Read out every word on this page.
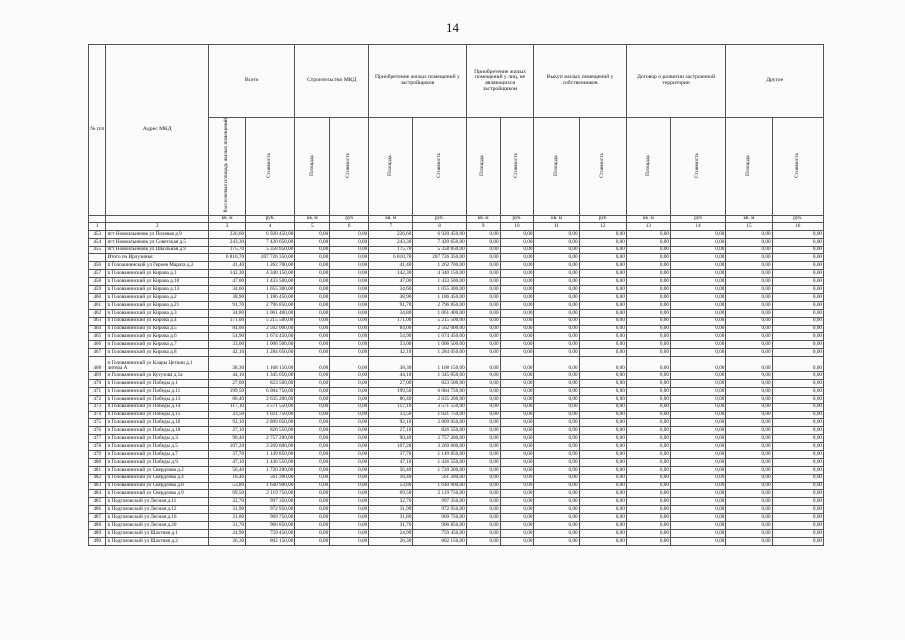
14
№ п/п	Адрес МКД	Всего		Строительство МКД		Приобретение жилых помещений у застройщиков		Приобретение жилых помещений у лиц, не являющихся застройщиком		Выкуп жилых помещений у собственников		Договор о развитии застроенной территории		Другое	
		Расселяемая площадь жилых помещений	Стоимость	Площадь	Стоимость	Площадь	Стоимость	Площадь	Стоимость	Площадь	Стоимость	Площадь	Стоимость	Площадь	Стоимость
		кв. м	руб.	кв. м	руб	кв. м	руб.	кв. м	руб.	кв. м	руб	кв. м	руб	кв. м	руб.
1	2	3	4	5	6	7	8	9	10	11	12	13	14	15	16
453	пгт Новоильиновк ул Полевая д.9	226,60	6 920 450,00	0,00	0,00	226,60	6 920 450,00	0,00	0,00	0,00	0,00	0,00	0,00	0,00	0,00
454	пгт Новоильиновк ул Советская д.5	243,30	7 420 650,00	0,00	0,00	243,30	7 420 650,00	0,00	0,00	0,00	0,00	0,00	0,00	0,00	0,00
455	пгт Новоильиновк ул Школьная д.9	175,70	5 358 850,00	0,00	0,00	175,70	5 358 850,00	0,00	0,00	0,00	0,00	0,00	0,00	0,00	0,00
	Итого по Ирлузинке:	6 810,70	207 726 350,00	0,00	0,00	6 810,70	207 726 350,00	0,00	0,00	0,00	0,00	0,00	0,00	0,00	0,00
456	п Голоаниинский ул Героев Марата д.2	41,40	1 262 700,00	0,00	0,00	41,40	1 262 700,00	0,00	0,00	0,00	0,00	0,00	0,00	0,00	0,00
457	п Голованинский ул Кирова д.1	142,30	4 340 150,00	0,00	0,00	142,30	4 340 150,00	0,00	0,00	0,00	0,00	0,00	0,00	0,00	0,00
458	п Голованинский ул Кирова д.10	47,00	1 433 500,00	0,00	0,00	47,00	1 433 500,00	0,00	0,00	0,00	0,00	0,00	0,00	0,00	0,00
459	п Голованинский ул Кирова д.13	34,60	1 055 300,00	0,00	0,00	34,60	1 055 300,00	0,00	0,00	0,00	0,00	0,00	0,00	0,00	0,00
460	п Голованинский ул Кирова д.2	38,90	1 186 450,00	0,00	0,00	38,90	1 186 450,00	0,00	0,00	0,00	0,00	0,00	0,00	0,00	0,00
461	п Голованинский ул Кирова д.21	91,70	2 796 850,00	0,00	0,00	91,70	2 796 850,00	0,00	0,00	0,00	0,00	0,00	0,00	0,00	0,00
462	п Голованинский ул Кирова д.3	34,80	1 061 400,00	0,00	0,00	34,80	1 061 400,00	0,00	0,00	0,00	0,00	0,00	0,00	0,00	0,00
463	п Голованинский ул Кирова д.4	171,00	5 215 500,00	0,00	0,00	171,00	5 215 500,00	0,00	0,00	0,00	0,00	0,00	0,00	0,00	0,00
464	п Голованинский ул Кирова д.5	84,00	2 562 000,00	0,00	0,00	84,00	2 562 000,00	0,00	0,00	0,00	0,00	0,00	0,00	0,00	0,00
465	п Голованинский ул Кирова д.6	54,90	1 674 450,00	0,00	0,00	54,90	1 674 450,00	0,00	0,00	0,00	0,00	0,00	0,00	0,00	0,00
466	п Голованинский ул Кирова д.7	33,00	1 006 500,00	0,00	0,00	33,00	1 006 500,00	0,00	0,00	0,00	0,00	0,00	0,00	0,00	0,00
467	п Голованинский ул Кирова д.8	42,10	1 284 050,00	0,00	0,00	42,10	1 284 050,00	0,00	0,00	0,00	0,00	0,00	0,00	0,00	0,00
468	п Голованинский ул Клары Цеткин д.1 литера А	38,30	1 168 150,00	0,00	0,00	38,30	1 168 150,00	0,00	0,00	0,00	0,00	0,00	0,00	0,00	0,00
469	п Голованинский ул Кутузова д.1а	44,10	1 345 050,00	0,00	0,00	44,10	1 345 050,00	0,00	0,00	0,00	0,00	0,00	0,00	0,00	0,00
470	п Голованинский ул Победы д.1	27,00	823 500,00	0,00	0,00	27,00	823 500,00	0,00	0,00	0,00	0,00	0,00	0,00	0,00	0,00
471	п Голованинский ул Победы д.11	199,50	6 084 750,00	0,00	0,00	199,50	6 084 750,00	0,00	0,00	0,00	0,00	0,00	0,00	0,00	0,00
472	п Голованинский ул Победы д.13	86,40	2 635 200,00	0,00	0,00	86,40	2 635 200,00	0,00	0,00	0,00	0,00	0,00	0,00	0,00	0,00
473	п Голованинский ул Победы д.14	117,10	3 571 550,00	0,00	0,00	117,10	3 571 550,00	0,00	0,00	0,00	0,00	0,00	0,00	0,00	0,00
474	п Голованинский ул Победы д.15	33,50	1 021 750,00	0,00	0,00	33,50	1 021 750,00	0,00	0,00	0,00	0,00	0,00	0,00	0,00	0,00
475	п Голованинский ул Победы д.16	92,10	2 809 050,00	0,00	0,00	92,10	2 809 050,00	0,00	0,00	0,00	0,00	0,00	0,00	0,00	0,00
476	п Голованинский ул Победы д.18	27,10	826 550,00	0,00	0,00	27,10	826 550,00	0,00	0,00	0,00	0,00	0,00	0,00	0,00	0,00
477	п Голованинский ул Победы д.3	90,40	2 757 200,00	0,00	0,00	90,40	2 757 200,00	0,00	0,00	0,00	0,00	0,00	0,00	0,00	0,00
478	п Голованинский ул Победы д.5	107,20	3 269 600,00	0,00	0,00	107,20	3 269 600,00	0,00	0,00	0,00	0,00	0,00	0,00	0,00	0,00
479	п Голованинский ул Победы д.7	37,70	1 149 850,00	0,00	0,00	37,70	1 149 850,00	0,00	0,00	0,00	0,00	0,00	0,00	0,00	0,00
480	п Голованинский ул Победы д.9	47,10	1 436 550,00	0,00	0,00	47,10	1 436 550,00	0,00	0,00	0,00	0,00	0,00	0,00	0,00	0,00
481	п Голованинский ул Свердлова д.2	56,40	1 720 200,00	0,00	0,00	56,40	1 720 200,00	0,00	0,00	0,00	0,00	0,00	0,00	0,00	0,00
482	п Голованинский ул Свердлова д.4	18,40	561 200,00	0,00	0,00	18,40	561 200,00	0,00	0,00	0,00	0,00	0,00	0,00	0,00	0,00
483	п Голованинский ул Свердлова д.8	53,80	1 640 900,00	0,00	0,00	53,80	1 640 900,00	0,00	0,00	0,00	0,00	0,00	0,00	0,00	0,00
484	п Голованинский ул Свердлова д.9	69,50	2 119 750,00	0,00	0,00	69,50	2 119 750,00	0,00	0,00	0,00	0,00	0,00	0,00	0,00	0,00
485	п Подгаловский ул Лесная д.11	32,70	997 350,00	0,00	0,00	32,70	997 350,00	0,00	0,00	0,00	0,00	0,00	0,00	0,00	0,00
486	п Подгаловский ул Лесная д.12	31,90	972 950,00	0,00	0,00	31,90	972 950,00	0,00	0,00	0,00	0,00	0,00	0,00	0,00	0,00
487	п Подгаловский ул Лесная д.16	31,80	969 750,00	0,00	0,00	31,80	969 750,00	0,00	0,00	0,00	0,00	0,00	0,00	0,00	0,00
488	п Подгаловский ул Лесная д.20	31,70	966 850,00	0,00	0,00	31,70	966 850,00	0,00	0,00	0,00	0,00	0,00	0,00	0,00	0,00
489	п Подгаловский ул Шахтная д.1	24,90	759 450,00	0,00	0,00	24,90	759 450,00	0,00	0,00	0,00	0,00	0,00	0,00	0,00	0,00
490	п Подгаловский ул Шахтная д.2	26,30	802 150,00	0,00	0,00	26,30	802 150,00	0,00	0,00	0,00	0,00	0,00	0,00	0,00	0,00
